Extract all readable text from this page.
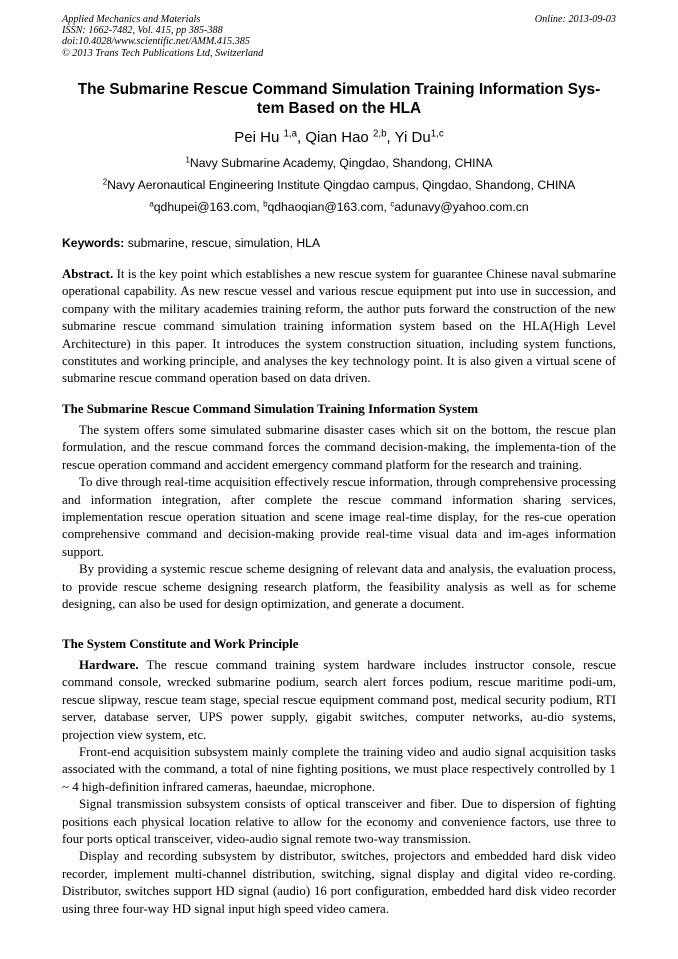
Applied Mechanics and Materials
ISSN: 1662-7482, Vol. 415, pp 385-388
doi:10.4028/www.scientific.net/AMM.415.385
© 2013 Trans Tech Publications Ltd, Switzerland
Online: 2013-09-03
The Submarine Rescue Command Simulation Training Information Sys-
tem Based on the HLA
Pei Hu $^{1,a}$, Qian Hao $^{2,b}$, Yi Du$^{1,c}$
$^1$Navy Submarine Academy, Qingdao, Shandong, CHINA
$^2$Navy Aeronautical Engineering Institute Qingdao campus, Qingdao, Shandong, CHINA
$^a$qdhupei@163.com, $^b$qdhaoqian@163.com, $^c$adunavy@yahoo.com.cn
Keywords: submarine, rescue, simulation, HLA

Abstract. It is the key point which establishes a new rescue system for guarantee Chinese naval submarine operational capability. As new rescue vessel and various rescue equipment put into use in succession, and company with the military academies training reform, the author puts forward the construction of the new submarine rescue command simulation training information system based on the HLA(High Level Architecture) in this paper. It introduces the system construction situation, including system functions, constitutes and working principle, and analyses the key technology point. It is also given a virtual scene of submarine rescue command operation based on data driven.

The Submarine Rescue Command Simulation Training Information System

The system offers some simulated submarine disaster cases which sit on the bottom, the rescue plan formulation, and the rescue command forces the command decision-making, the implementa-tion of the rescue operation command and accident emergency command platform for the research and training.

To dive through real-time acquisition effectively rescue information, through comprehensive processing and information integration, after complete the rescue command information sharing services, implementation rescue operation situation and scene image real-time display, for the res-cue operation comprehensive command and decision-making provide real-time visual data and im-ages information support.

By providing a systemic rescue scheme designing of relevant data and analysis, the evaluation process, to provide rescue scheme designing research platform, the feasibility analysis as well as for scheme designing, can also be used for design optimization, and generate a document.

The System Constitute and Work Principle

Hardware. The rescue command training system hardware includes instructor console, rescue command console, wrecked submarine podium, search alert forces podium, rescue maritime podi-um, rescue slipway, rescue team stage, special rescue equipment command post, medical security podium, RTI server, database server, UPS power supply, gigabit switches, computer networks, au-dio systems, projection view system, etc.

Front-end acquisition subsystem mainly complete the training video and audio signal acquisition tasks associated with the command, a total of nine fighting positions, we must place respectively controlled by 1 ~ 4 high-definition infrared cameras, haeundae, microphone.

Signal transmission subsystem consists of optical transceiver and fiber. Due to dispersion of fighting positions each physical location relative to allow for the economy and convenience factors, use three to four ports optical transceiver, video-audio signal remote two-way transmission.

Display and recording subsystem by distributor, switches, projectors and embedded hard disk video recorder, implement multi-channel distribution, switching, signal display and digital video re-cording. Distributor, switches support HD signal (audio) 16 port configuration, embedded hard disk video recorder using three four-way HD signal input high speed video camera.
